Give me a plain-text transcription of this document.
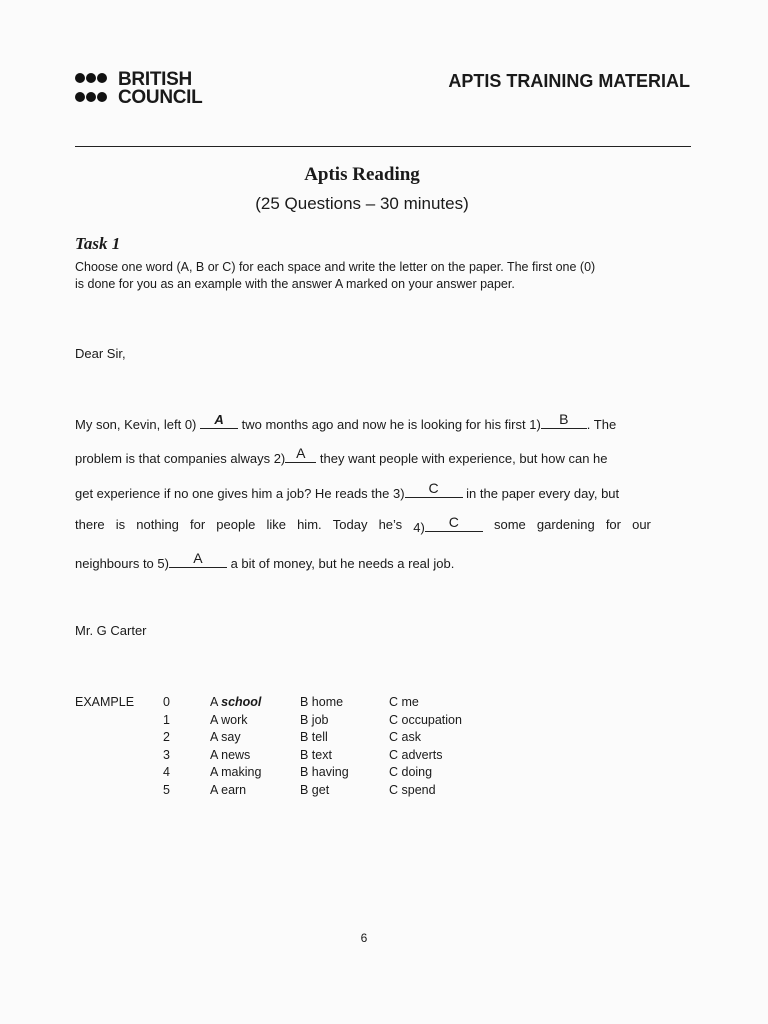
BRITISH
COUNCIL
APTIS TRAINING MATERIAL
Aptis Reading
(25 Questions – 30 minutes)
Task 1
Choose one word (A, B or C) for each space and write the letter on the paper. The first one (0)
is done for you as an example with the answer A marked on your answer paper.
Dear Sir,
My son, Kevin, left 0)	A	two months ago and now he is looking for his first 1)	B	. The
problem is that companies always 2) A	they want people with experience, but how can he
get experience if no one gives him a job? He reads the 3)	C	in the paper every day, but
there is nothing for people like him. Today he’s 4)	C	some gardening for our
neighbours to 5)	A	a bit of money, but he needs a real job.
Mr. G Carter
EXAMPLE	0	A school	B home	C me
	1	A work	B job	C occupation
	2	A say	B tell	C ask
	3	A news	B text	C adverts
	4	A making	B having	C doing
	5	A earn	B get	C spend
6
